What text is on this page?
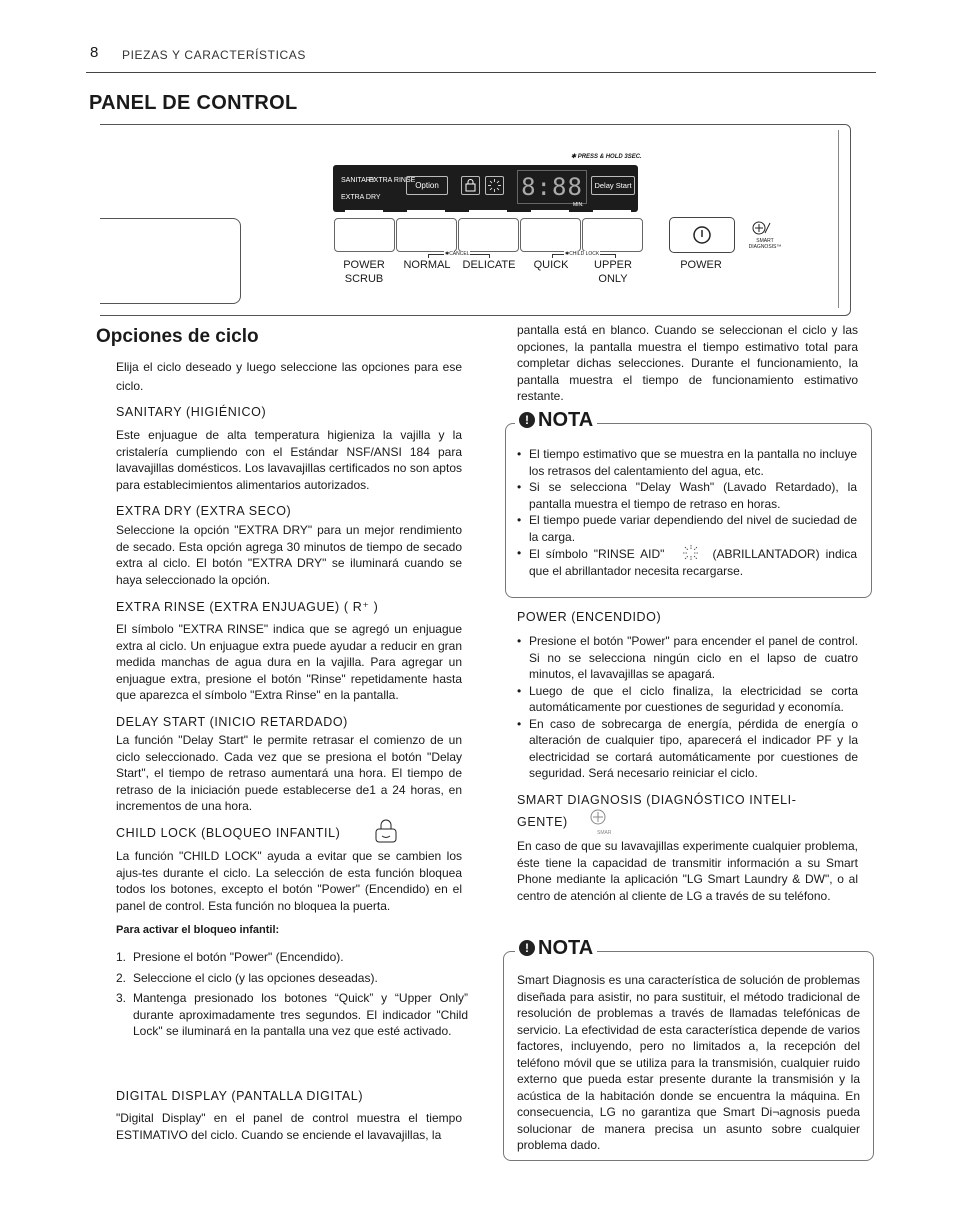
8 PIEZAS Y CARACTERÍSTICAS
PANEL DE CONTROL
✱ PRESS & HOLD 3SEC.
SANITARY
EXTRA RINSE
EXTRA DRY
Option	8:88
MIN.
Delay Start
✱CANCEL	✱CHILD LOCK
POWER
SCRUB
NORMAL	DELICATE	QUICK	UPPER
ONLY
POWER
SMART
DIAGNOSIS™
Opciones de ciclo
Elija el ciclo deseado y luego seleccione las opciones para ese ciclo.
SANITARY (HIGIÉNICO)
Este enjuague de alta temperatura higieniza la vajilla y la cristalería cumpliendo con el Estándar NSF/ANSI 184 para lavavajillas domésticos. Los lavavajillas certificados no son aptos para establecimientos alimentarios autorizados.
EXTRA DRY (EXTRA SECO)
Seleccione la opción "EXTRA DRY" para un mejor rendimiento de secado. Esta opción agrega 30 minutos de tiempo de secado extra al ciclo. El botón "EXTRA DRY" se iluminará cuando se haya seleccionado la opción.
EXTRA RINSE (EXTRA ENJUAGUE) ( R⁺ )
El símbolo "EXTRA RINSE" indica que se agregó un enjuague extra al ciclo. Un enjuague extra puede ayudar a reducir en gran medida manchas de agua dura en la vajilla. Para agregar un enjuague extra, presione el botón "Rinse" repetidamente hasta que aparezca el símbolo "Extra Rinse" en la pantalla.
DELAY START (INICIO RETARDADO)
La función "Delay Start" le permite retrasar el comienzo de un ciclo seleccionado. Cada vez que se presiona el botón "Delay Start", el tiempo de retraso aumentará una hora. El tiempo de retraso de la iniciación puede establecerse de1 a 24 horas, en incrementos de una hora.
CHILD LOCK (BLOQUEO INFANTIL)
La función "CHILD LOCK" ayuda a evitar que se cambien los ajus-tes durante el ciclo. La selección de esta función bloquea todos los botones, excepto el botón "Power" (Encendido) en el panel de control. Esta función no bloquea la puerta.
Para activar el bloqueo infantil:
1. Presione el botón "Power" (Encendido).
2. Seleccione el ciclo (y las opciones deseadas).
3. Mantenga presionado los botones “Quick” y “Upper Only” durante aproximadamente tres segundos. El indicador "Child Lock" se iluminará en la pantalla una vez que esté activado.
DIGITAL DISPLAY (PANTALLA DIGITAL)
"Digital Display" en el panel de control muestra el tiempo ESTIMATIVO del ciclo. Cuando se enciende el lavavajillas, la
pantalla está en blanco. Cuando se seleccionan el ciclo y las opciones, la pantalla muestra el tiempo estimativo total para completar dichas selecciones. Durante el funcionamiento, la pantalla muestra el tiempo de funcionamiento estimativo restante.
! NOTA
• El tiempo estimativo que se muestra en la pantalla no incluye los retrasos del calentamiento del agua, etc.
• Si se selecciona "Delay Wash" (Lavado Retardado), la pantalla muestra el tiempo de retraso en horas.
• El tiempo puede variar dependiendo del nivel de suciedad de la carga.
• El símbolo "RINSE AID"	(ABRILLANTADOR) indica que el abrillantador necesita recargarse.
POWER (ENCENDIDO)
• Presione el botón "Power" para encender el panel de control. Si no se selecciona ningún ciclo en el lapso de cuatro minutos, el lavavajillas se apagará.
• Luego de que el ciclo finaliza, la electricidad se corta automáticamente por cuestiones de seguridad y economía.
• En caso de sobrecarga de energía, pérdida de energía o alteración de cualquier tipo, aparecerá el indicador PF y la electricidad se cortará automáticamente por cuestiones de seguridad. Será necesario reiniciar el ciclo.
SMART DIAGNOSIS (DIAGNÓSTICO INTELI-
GENTE)
SMAR
En caso de que su lavavajillas experimente cualquier problema, éste tiene la capacidad de transmitir información a su Smart Phone mediante la aplicación "LG Smart Laundry & DW", o al centro de atención al cliente de LG a través de su teléfono.
! NOTA
Smart Diagnosis es una característica de solución de problemas diseñada para asistir, no para sustituir, el método tradicional de resolución de problemas a través de llamadas telefónicas de servicio. La efectividad de esta característica depende de varios factores, incluyendo, pero no limitados a, la recepción del teléfono móvil que se utiliza para la transmisión, cualquier ruido externo que pueda estar presente durante la transmisión y la acústica de la habitación donde se encuentra la máquina. En consecuencia, LG no garantiza que Smart Di¬agnosis pueda solucionar de manera precisa un asunto sobre cualquier problema dado.
